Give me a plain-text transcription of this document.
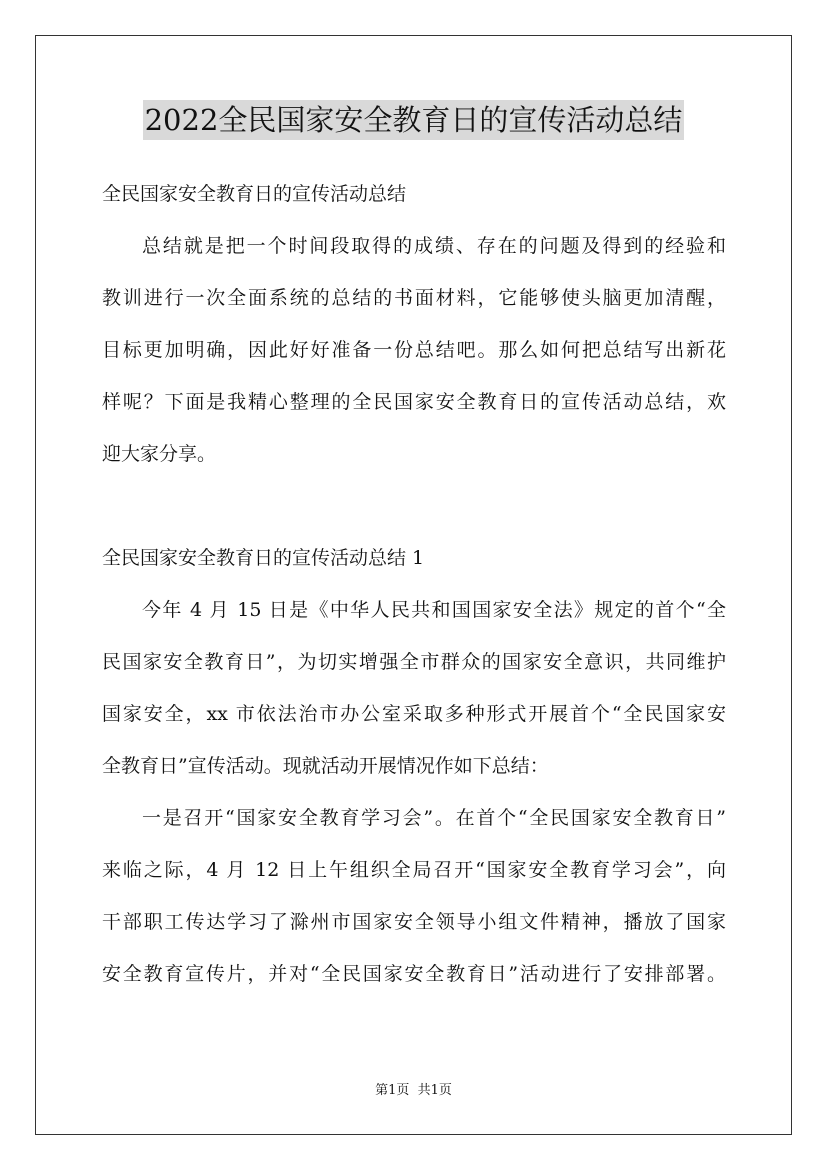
2022全民国家安全教育日的宣传活动总结
全民国家安全教育日的宣传活动总结
总结就是把一个时间段取得的成绩、存在的问题及得到的经验和
教训进行一次全面系统的总结的书面材料，它能够使头脑更加清醒，
目标更加明确，因此好好准备一份总结吧。那么如何把总结写出新花
样呢？下面是我精心整理的全民国家安全教育日的宣传活动总结，欢
迎大家分享。
全民国家安全教育日的宣传活动总结 1
今年 4 月 15 日是《中华人民共和国国家安全法》规定的首个“全
民国家安全教育日”，为切实增强全市群众的国家安全意识，共同维护
国家安全，xx 市依法治市办公室采取多种形式开展首个“全民国家安
全教育日”宣传活动。现就活动开展情况作如下总结：
一是召开“国家安全教育学习会”。在首个“全民国家安全教育日”
来临之际，4 月 12 日上午组织全局召开“国家安全教育学习会”，向
干部职工传达学习了滁州市国家安全领导小组文件精神，播放了国家
安全教育宣传片，并对“全民国家安全教育日”活动进行了安排部署。
第1页 共1页
